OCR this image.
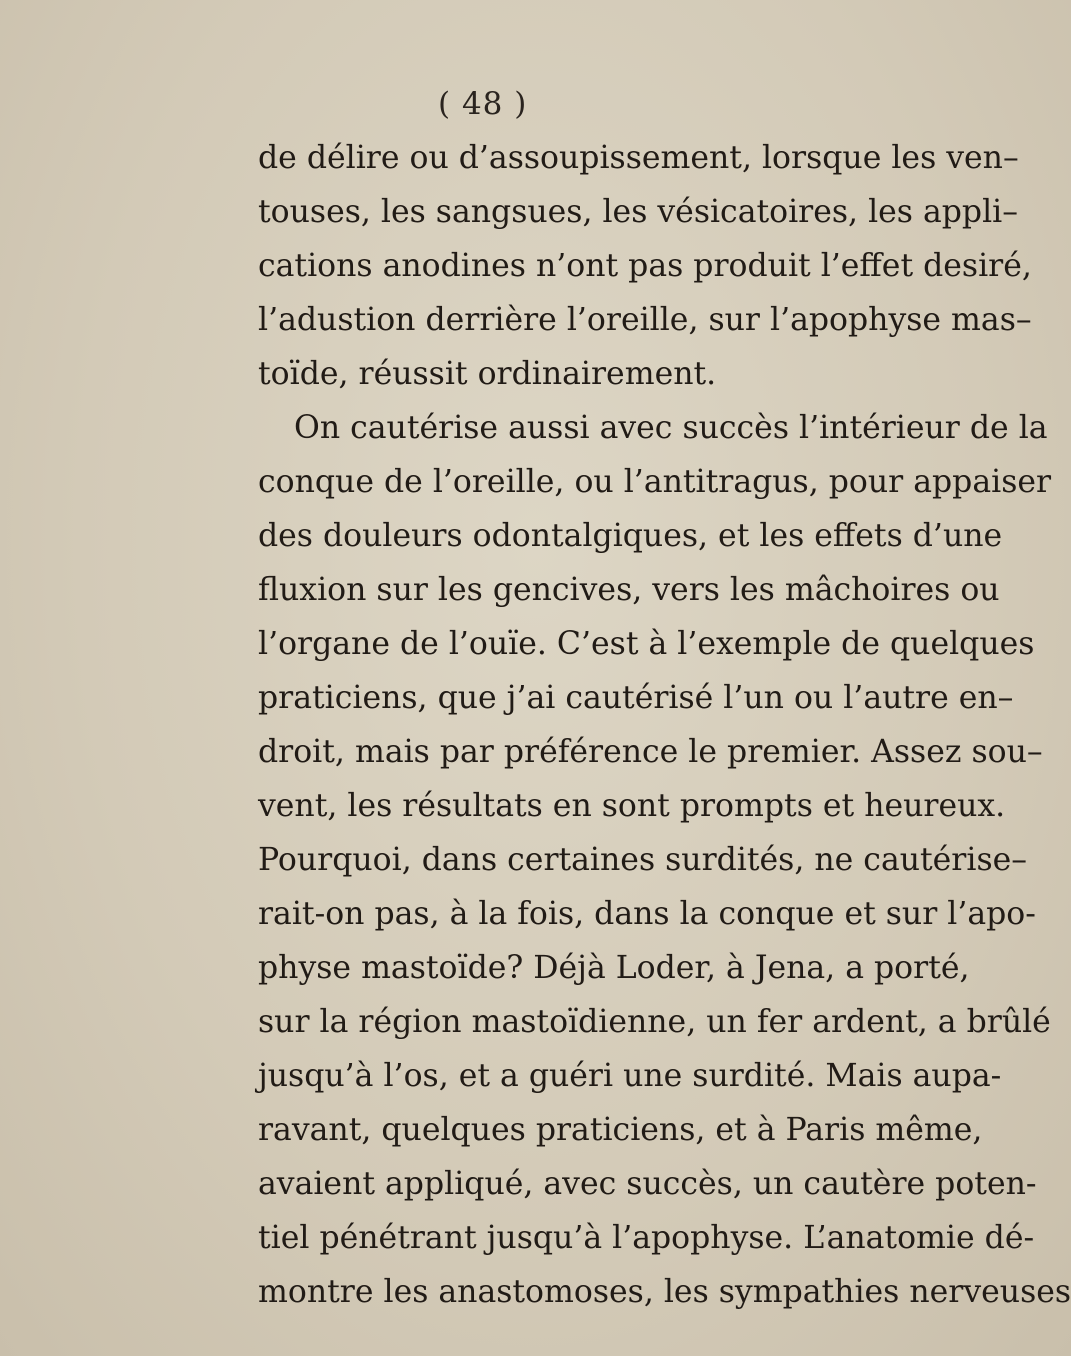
( 48 )
de délire ou d’assoupissement, lorsque les ven–
touses, les sangsues, les vésicatoires, les appli–
cations anodines n’ont pas produit l’effet desiré,
l’adustion derrière l’oreille, sur l’apophyse mas–
toïde, réussit ordinairement.
On cautérise aussi avec succès l’intérieur de la
conque de l’oreille, ou l’antitragus, pour appaiser
des douleurs odontalgiques, et les effets d’une
fluxion sur les gencives, vers les mâchoires ou
l’organe de l’ouïe. C’est à l’exemple de quelques
praticiens, que j’ai cautérisé l’un ou l’autre en–
droit, mais par préférence le premier. Assez sou–
vent, les résultats en sont prompts et heureux.
Pourquoi, dans certaines surdités, ne cautérise–
rait-on pas, à la fois, dans la conque et sur l’apo-
physe mastoïde? Déjà Loder, à Jena, a porté,
sur la région mastoïdienne, un fer ardent, a brûlé
jusqu’à l’os, et a guéri une surdité. Mais aupa-
ravant, quelques praticiens, et à Paris même,
avaient appliqué, avec succès, un cautère poten-
tiel pénétrant jusqu’à l’apophyse. L’anatomie dé-
montre les anastomoses, les sympathies nerveuses
